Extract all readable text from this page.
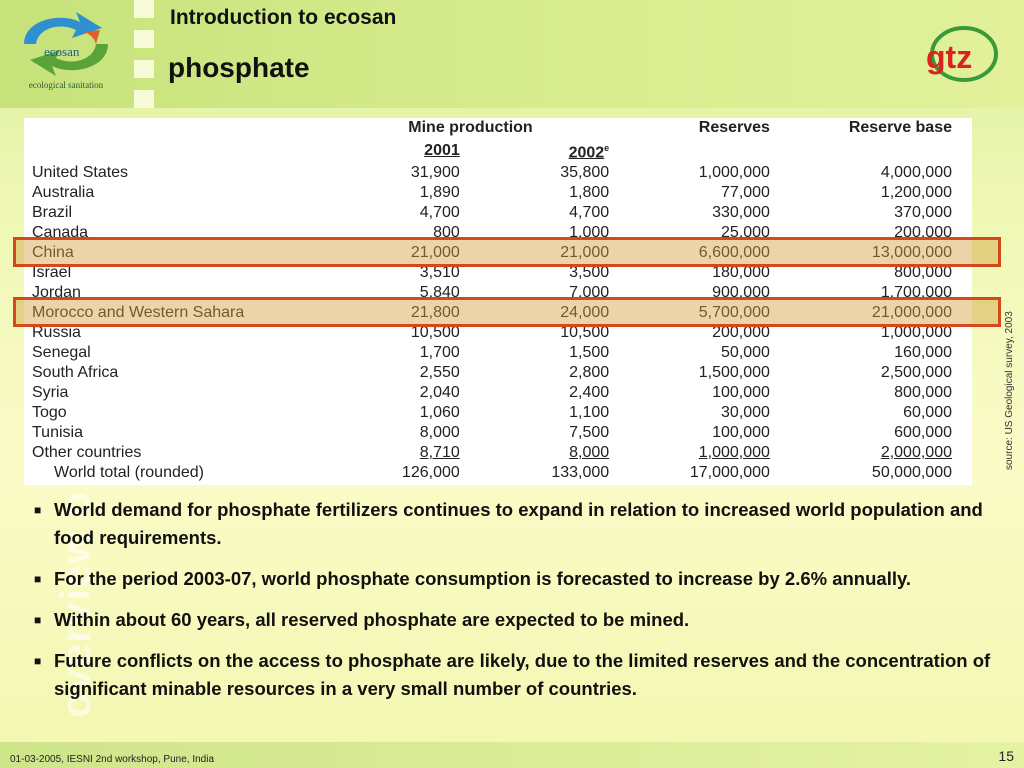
ecosan
ecological sanitation
Introduction to ecosan
phosphate	gtz
	Mine production		Reserves	Reserve base
	2001	2002e		
United States	31,900	35,800	1,000,000	4,000,000
Australia	1,890	1,800	77,000	1,200,000
Brazil	4,700	4,700	330,000	370,000
Canada	800	1,000	25,000	200,000
China	21,000	21,000	6,600,000	13,000,000
Israel	3,510	3,500	180,000	800,000
Jordan	5,840	7,000	900,000	1,700,000
Morocco and Western Sahara	21,800	24,000	5,700,000	21,000,000
Russia	10,500	10,500	200,000	1,000,000
Senegal	1,700	1,500	50,000	160,000
South Africa	2,550	2,800	1,500,000	2,500,000
Syria	2,040	2,400	100,000	800,000
Togo	1,060	1,100	30,000	60,000
Tunisia	8,000	7,500	100,000	600,000
Other countries	8,710	8,000	1,000,000	2,000,000
World total (rounded)	126,000	133,000	17,000,000	50,000,000
source: US Geological survey, 2003
overview o
■ World demand for phosphate fertilizers continues to expand in relation to increased world population and food requirements.
■ For the period 2003-07, world phosphate consumption is forecasted to increase by 2.6% annually.
■ Within about 60 years, all reserved phosphate are expected to be mined.
■ Future conflicts on the access to phosphate are likely, due to the limited reserves and the concentration of significant minable resources in a very small number of countries.
01-03-2005, IESNI 2nd workshop, Pune, India	15
